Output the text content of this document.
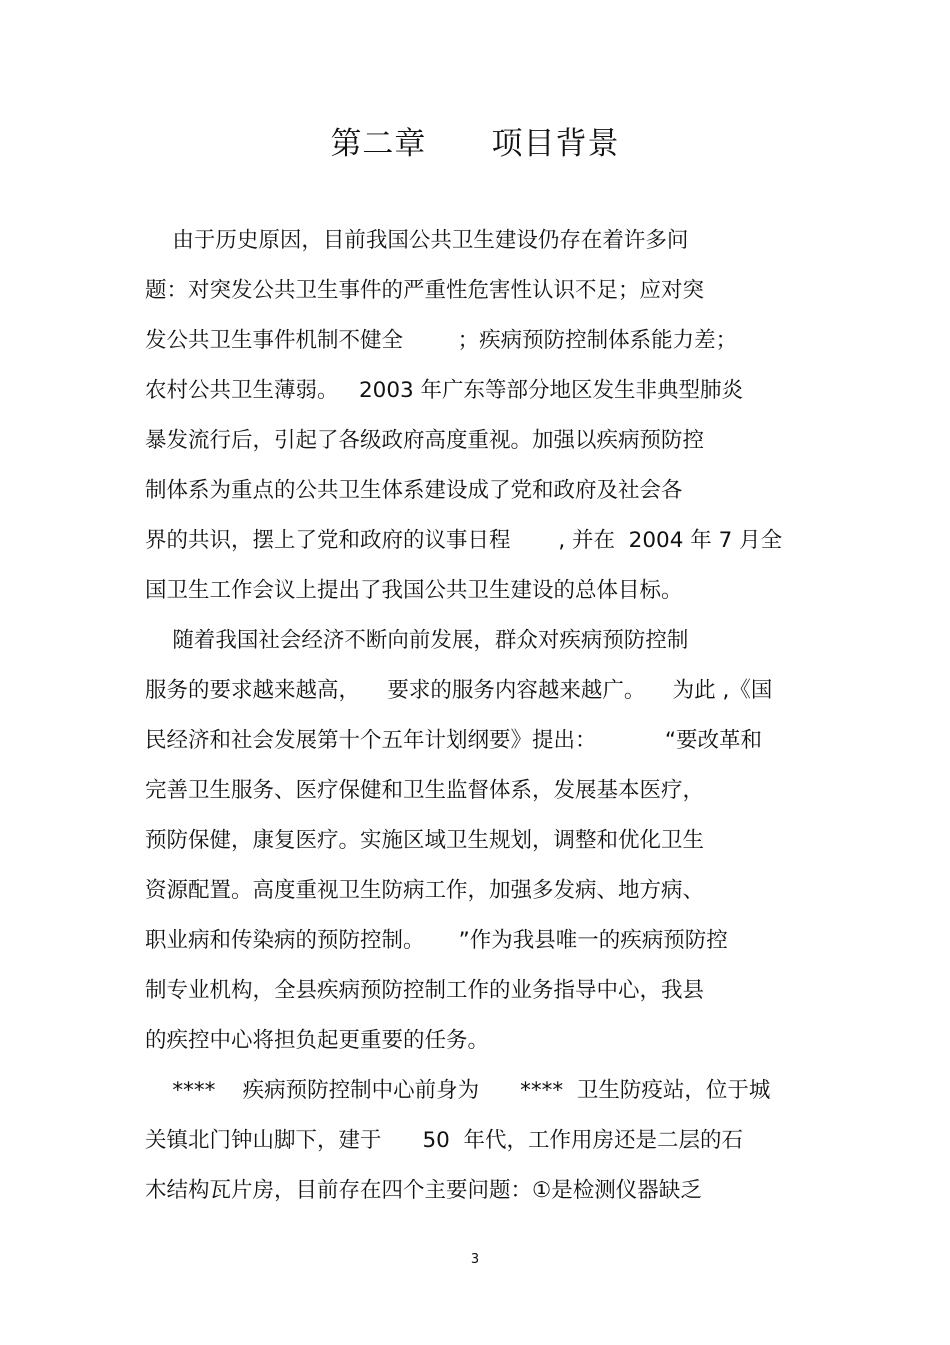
第二章      项目背景
由于历史原因，目前我国公共卫生建设仍存在着许多问
题：对突发公共卫生事件的严重性危害性认识不足；应对突
发公共卫生事件机制不健全        ；疾病预防控制体系能力差；
农村公共卫生薄弱。   2003 年广东等部分地区发生非典型肺炎
暴发流行后，引起了各级政府高度重视。加强以疾病预防控
制体系为重点的公共卫生体系建设成了党和政府及社会各
界的共识，摆上了党和政府的议事日程       , 并在  2004 年 7 月全
国卫生工作会议上提出了我国公共卫生建设的总体目标。
随着我国社会经济不断向前发展，群众对疾病预防控制
服务的要求越来越高，    要求的服务内容越来越广。    为此 ,《国
民经济和社会发展第十个五年计划纲要》提出：          “要改革和
完善卫生服务、医疗保健和卫生监督体系，发展基本医疗，
预防保健，康复医疗。实施区域卫生规划，调整和优化卫生
资源配置。高度重视卫生防病工作，加强多发病、地方病、
职业病和传染病的预防控制。     ”作为我县唯一的疾病预防控
制专业机构，全县疾病预防控制工作的业务指导中心，我县
的疾控中心将担负起更重要的任务。
****    疾病预防控制中心前身为      ****  卫生防疫站，位于城
关镇北门钟山脚下，建于      50  年代，工作用房还是二层的石
木结构瓦片房，目前存在四个主要问题：①是检测仪器缺乏
3
